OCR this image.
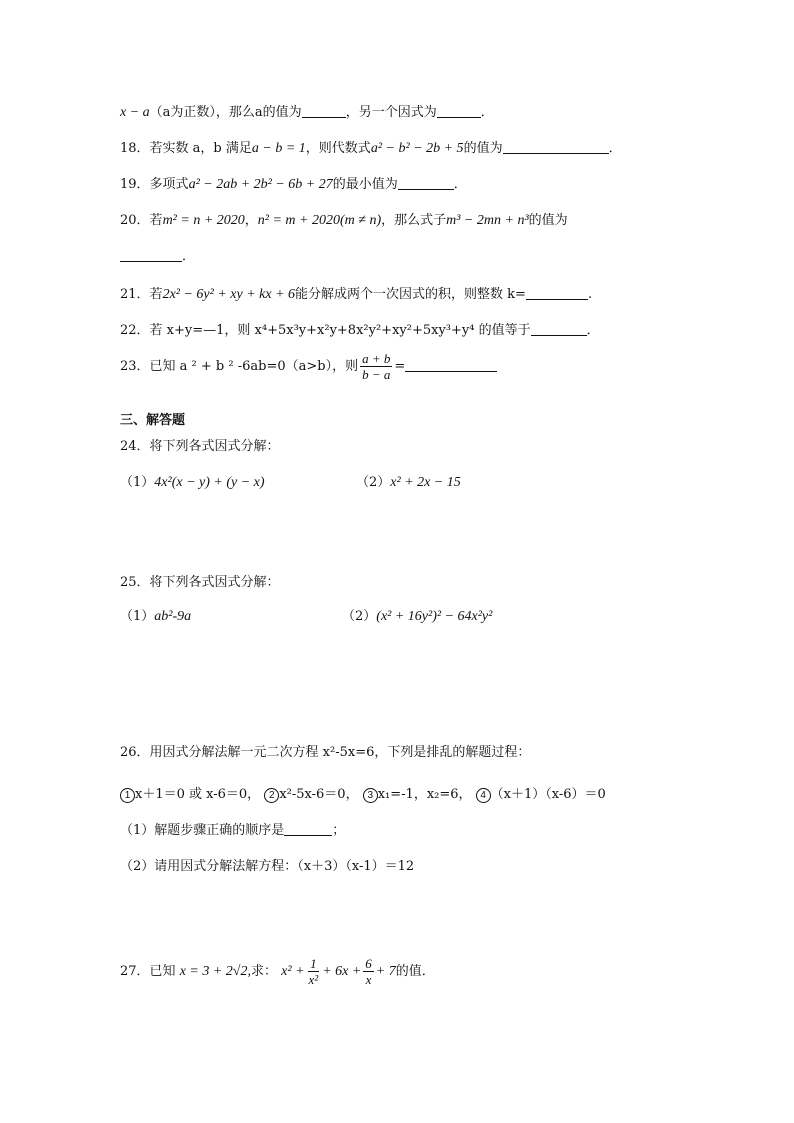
x − a（a为正数），那么a的值为	，另一个因式为	．
18．若实数 a，b 满足a − b = 1，则代数式a² − b² − 2b + 5的值为	．
19．多项式a² − 2ab + 2b² − 6b + 27的最小值为	．
20．若m² = n + 2020，n² = m + 2020(m ≠ n)，那么式子m³ − 2mn + n³的值为
．
21．若2x² − 6y² + xy + kx + 6能分解成两个一次因式的积，则整数 k=	.
22．若 x+y=—1，则 x⁴+5x³y+x²y+8x²y²+xy²+5xy³+y⁴ 的值等于	．
23．已知 a ² + b ² -6ab=0（a>b），则 $\frac{a + b}{b - a}$ =
三、解答题
24．将下列各式因式分解：
（1）4x²(x − y) + (y − x)	（2）x² + 2x − 15
25．将下列各式因式分解：
（1）ab²-9a	（2）(x² + 16y²)² − 64x²y²
26．用因式分解法解一元二次方程 x²-5x=6，下列是排乱的解题过程：
1 x＋1＝0 或 x-6＝0， 2 x²-5x-6＝0， 3 x₁=-1，x₂=6， 4 （x＋1）（x-6）＝0
（1）解题步骤正确的顺序是	；
（2）请用因式分解法解方程：（x＋3）（x-1）＝12
27．已知 x = 3 + 2√2,求： $x^2 + \frac{1}{\text{x²}} + 6x + \frac{6}{x} + 7$的值．
